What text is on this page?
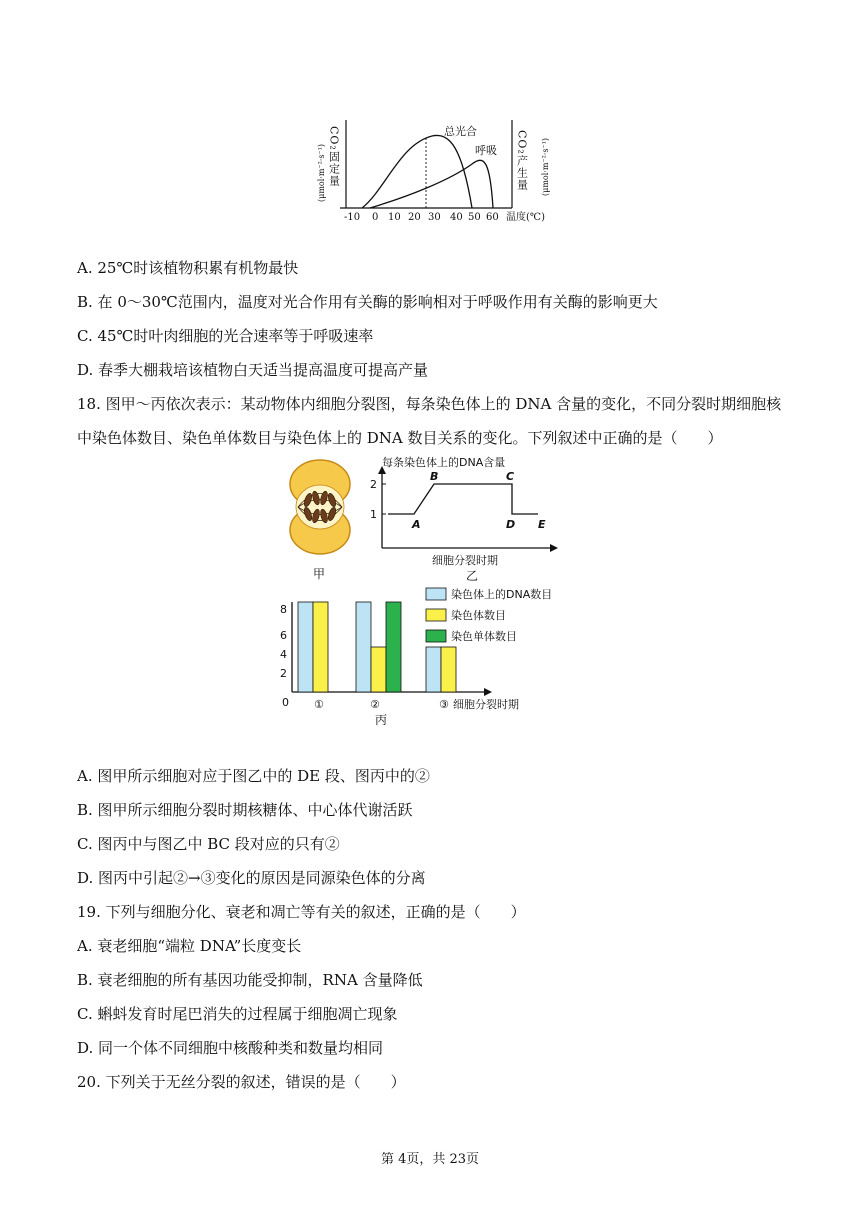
CO₂固定量
(μmol·m⁻²·s⁻¹)
总光合
呼吸
-10 0 10 20 30 40 50 60 温度(℃)
CO₂产生量 (μmol·m⁻²·s⁻¹)
A. 25℃时该植物积累有机物最快
B. 在 0～30℃范围内，温度对光合作用有关酶的影响相对于呼吸作用有关酶的影响更大
C. 45℃时叶肉细胞的光合速率等于呼吸速率
D. 春季大棚栽培该植物白天适当提高温度可提高产量
18. 图甲～丙依次表示：某动物体内细胞分裂图，每条染色体上的 DNA 含量的变化，不同分裂时期细胞核
中染色体数目、染色单体数目与染色体上的 DNA 数目关系的变化。下列叙述中正确的是（　　）
甲
每条染色体上的DNA含量
2
1
A
B	C
D E
细胞分裂时期
乙
染色体上的DNA数目
染色体数目
染色单体数目
0
2
4
6
8
①	②	③ 细胞分裂时期
丙
A. 图甲所示细胞对应于图乙中的 DE 段、图丙中的②
B. 图甲所示细胞分裂时期核糖体、中心体代谢活跃
C. 图丙中与图乙中 BC 段对应的只有②
D. 图丙中引起②→③变化的原因是同源染色体的分离
19. 下列与细胞分化、衰老和凋亡等有关的叙述，正确的是（　　）
A. 衰老细胞“端粒 DNA”长度变长
B. 衰老细胞的所有基因功能受抑制，RNA 含量降低
C. 蝌蚪发育时尾巴消失的过程属于细胞凋亡现象
D. 同一个体不同细胞中核酸种类和数量均相同
20. 下列关于无丝分裂的叙述，错误的是（　　）
第 4页，共 23页
